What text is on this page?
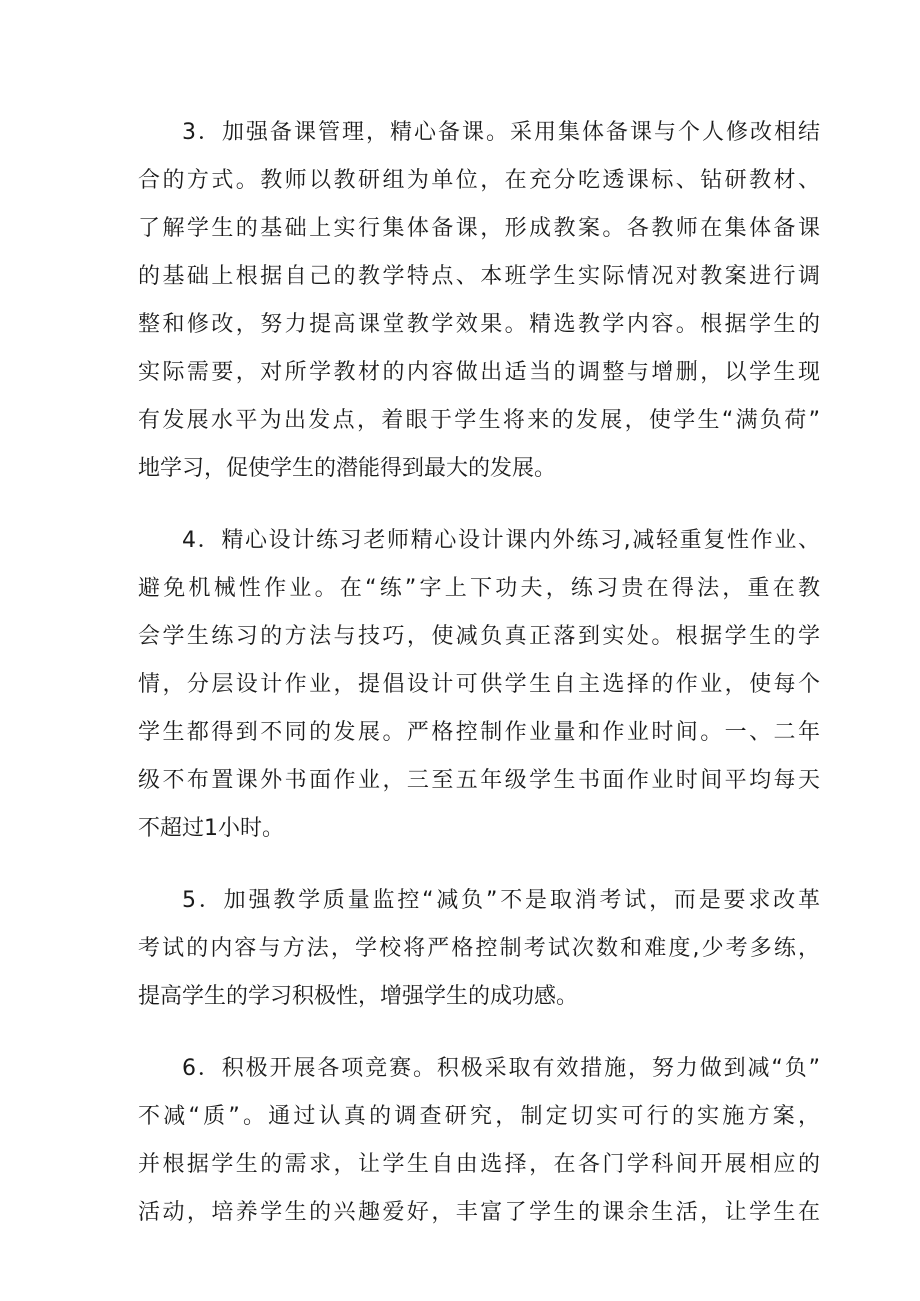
3．加强备课管理，精心备课。采用集体备课与个人修改相结
合的方式。教师以教研组为单位，在充分吃透课标、钻研教材、
了解学生的基础上实行集体备课，形成教案。各教师在集体备课
的基础上根据自己的教学特点、本班学生实际情况对教案进行调
整和修改，努力提高课堂教学效果。精选教学内容。根据学生的
实际需要，对所学教材的内容做出适当的调整与增删，以学生现
有发展水平为出发点，着眼于学生将来的发展，使学生“满负荷”
地学习，促使学生的潜能得到最大的发展。
4．精心设计练习老师精心设计课内外练习,减轻重复性作业、
避免机械性作业。在“练”字上下功夫，练习贵在得法，重在教
会学生练习的方法与技巧，使减负真正落到实处。根据学生的学
情，分层设计作业，提倡设计可供学生自主选择的作业，使每个
学生都得到不同的发展。严格控制作业量和作业时间。一、二年
级不布置课外书面作业，三至五年级学生书面作业时间平均每天
不超过1小时。
5．加强教学质量监控“减负”不是取消考试，而是要求改革
考试的内容与方法，学校将严格控制考试次数和难度,少考多练，
提高学生的学习积极性，增强学生的成功感。
6．积极开展各项竞赛。积极采取有效措施，努力做到减“负”
不减“质”。通过认真的调查研究，制定切实可行的实施方案，
并根据学生的需求，让学生自由选择，在各门学科间开展相应的
活动，培养学生的兴趣爱好，丰富了学生的课余生活，让学生在
